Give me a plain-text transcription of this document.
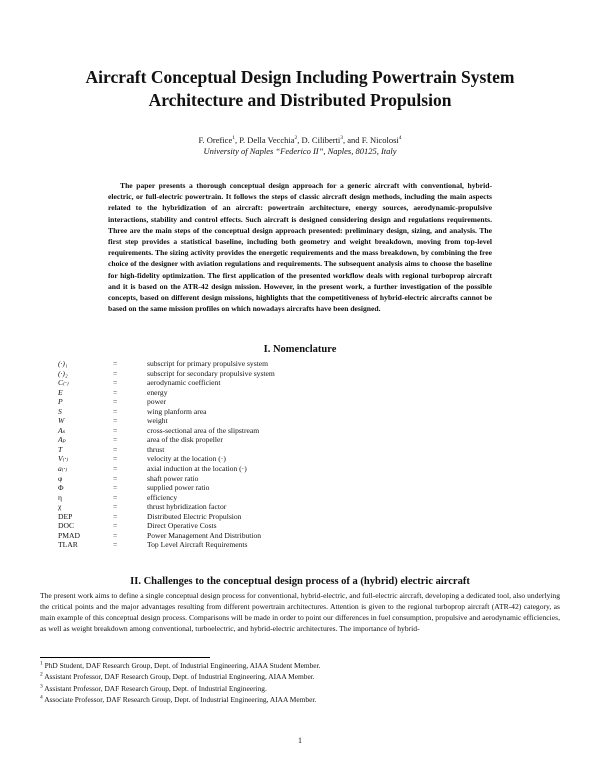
Aircraft Conceptual Design Including Powertrain System
Architecture and Distributed Propulsion
F. Orefice$^1$, P. Della Vecchia$^2$, D. Ciliberti$^3$, and F. Nicolosi$^4$
University of Naples “Federico II”, Naples, 80125, Italy

The paper presents a thorough conceptual design approach for a generic aircraft with conventional, hybrid-electric, or full-electric powertrain. It follows the steps of classic aircraft design methods, including the main aspects related to the hybridization of an aircraft: powertrain architecture, energy sources, aerodynamic-propulsive interactions, stability and control effects. Such aircraft is designed considering design and regulations requirements. Three are the main steps of the conceptual design approach presented: preliminary design, sizing, and analysis. The first step provides a statistical baseline, including both geometry and weight breakdown, moving from top-level requirements. The sizing activity provides the energetic requirements and the mass breakdown, by combining the free choice of the designer with aviation regulations and requirements. The subsequent analysis aims to choose the baseline for high-fidelity optimization. The first application of the presented workflow deals with regional turboprop aircraft and it is based on the ATR-42 design mission. However, in the present work, a further investigation of the possible concepts, based on different design missions, highlights that the competitiveness of hybrid-electric aircrafts cannot be based on the same mission profiles on which nowadays aircrafts have been designed.

I. Nomenclature
(·)₁	=	subscript for primary propulsive system
(·)₂	=	subscript for secondary propulsive system
C₍·₎	=	aerodynamic coefficient
E	=	energy
P	=	power
S	=	wing planform area
W	=	weight
Aₛ	=	cross-sectional area of the slipstream
Aₚ	=	area of the disk propeller
T	=	thrust
V₍·₎	=	velocity at the location (·)
a₍·₎	=	axial induction at the location (·)
φ	=	shaft power ratio
Φ	=	supplied power ratio
η	=	efficiency
χ	=	thrust hybridization factor
DEP	=	Distributed Electric Propulsion
DOC	=	Direct Operative Costs
PMAD	=	Power Management And Distribution
TLAR	=	Top Level Aircraft Requirements
II. Challenges to the conceptual design process of a (hybrid) electric aircraft

The present work aims to define a single conceptual design process for conventional, hybrid-electric, and full-electric aircraft, developing a dedicated tool, also underlying the critical points and the major advantages resulting from different powertrain architectures. Attention is given to the regional turboprop aircraft (ATR-42) category, as main example of this conceptual design process. Comparisons will be made in order to point our differences in fuel consumption, propulsive and aerodynamic efficiencies, as well as weight breakdown among conventional, turboelectric, and hybrid-electric architectures. The importance of hybrid-

$^1$ PhD Student, DAF Research Group, Dept. of Industrial Engineering, AIAA Student Member.
$^2$ Assistant Professor, DAF Research Group, Dept. of Industrial Engineering, AIAA Member.
$^3$ Assistant Professor, DAF Research Group, Dept. of Industrial Engineering.
$^4$ Associate Professor, DAF Research Group, Dept. of Industrial Engineering, AIAA Member.
1
